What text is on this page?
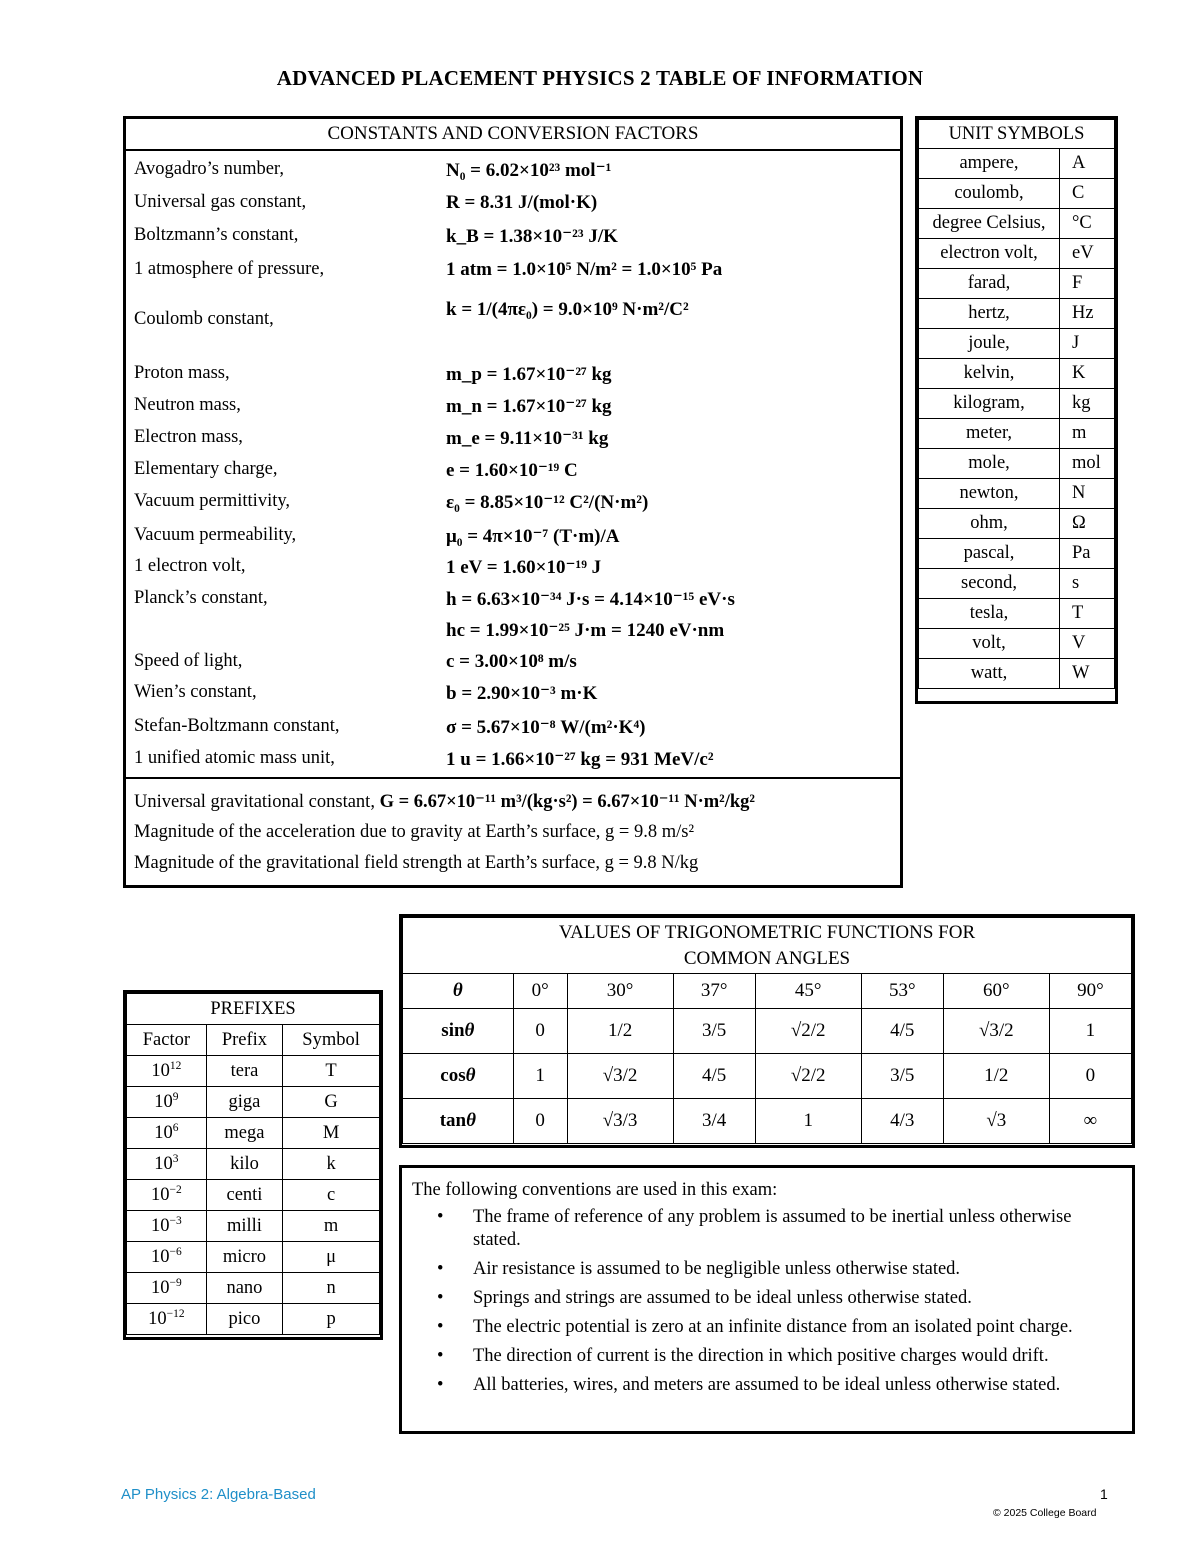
ADVANCED PLACEMENT PHYSICS 2 TABLE OF INFORMATION
CONSTANTS AND CONVERSION FACTORS
Avogadro’s number,	N₀ = 6.02×10²³ mol⁻¹
Universal gas constant,	R = 8.31 J/(mol·K)
Boltzmann’s constant,	k_B = 1.38×10⁻²³ J/K
1 atmosphere of pressure,	1 atm = 1.0×10⁵ N/m² = 1.0×10⁵ Pa
Coulomb constant,	k = 1/(4πε₀) = 9.0×10⁹ N·m²/C²
Proton mass,	m_p = 1.67×10⁻²⁷ kg
Neutron mass,	m_n = 1.67×10⁻²⁷ kg
Electron mass,	m_e = 9.11×10⁻³¹ kg
Elementary charge,	e = 1.60×10⁻¹⁹ C
Vacuum permittivity,	ε₀ = 8.85×10⁻¹² C²/(N·m²)
Vacuum permeability,	μ₀ = 4π×10⁻⁷ (T·m)/A
1 electron volt,	1 eV = 1.60×10⁻¹⁹ J
Planck’s constant,	h = 6.63×10⁻³⁴ J·s = 4.14×10⁻¹⁵ eV·s
hc = 1.99×10⁻²⁵ J·m = 1240 eV·nm
Speed of light,	c = 3.00×10⁸ m/s
Wien’s constant,	b = 2.90×10⁻³ m·K
Stefan-Boltzmann constant,	σ = 5.67×10⁻⁸ W/(m²·K⁴)
1 unified atomic mass unit,	1 u = 1.66×10⁻²⁷ kg = 931 MeV/c²
Universal gravitational constant, G = 6.67×10⁻¹¹ m³/(kg·s²) = 6.67×10⁻¹¹ N·m²/kg²
Magnitude of the acceleration due to gravity at Earth’s surface, g = 9.8 m/s²
Magnitude of the gravitational field strength at Earth’s surface, g = 9.8 N/kg
UNIT SYMBOLS	
ampere,	A
coulomb,	C
degree Celsius,	°C
electron volt,	eV
farad,	F
hertz,	Hz
joule,	J
kelvin,	K
kilogram,	kg
meter,	m
mole,	mol
newton,	N
ohm,	Ω
pascal,	Pa
second,	s
tesla,	T
volt,	V
watt,	W
PREFIXES		
Factor	Prefix	Symbol
$10^{12}$	tera	T
$10^9$	giga	G
$10^6$	mega	M
$10^3$	kilo	k
$10^{-2}$	centi	c
$10^{-3}$	milli	m
$10^{-6}$	micro	μ
$10^{-9}$	nano	n
$10^{-12}$	pico	p
VALUES OF TRIGONOMETRIC FUNCTIONS FOR
COMMON ANGLES							
θ	0°	30°	37°	45°	53°	60°	90°
sinθ	0	1/2	3/5	√2/2	4/5	√3/2	1
cosθ	1	√3/2	4/5	√2/2	3/5	1/2	0
tanθ	0	√3/3	3/4	1	4/3	√3	∞
The following conventions are used in this exam:
• The frame of reference of any problem is assumed to be inertial unless otherwise stated.
• Air resistance is assumed to be negligible unless otherwise stated.
• Springs and strings are assumed to be ideal unless otherwise stated.
• The electric potential is zero at an infinite distance from an isolated point charge.
• The direction of current is the direction in which positive charges would drift.
• All batteries, wires, and meters are assumed to be ideal unless otherwise stated.
AP Physics 2: Algebra-Based	1
© 2025 College Board
